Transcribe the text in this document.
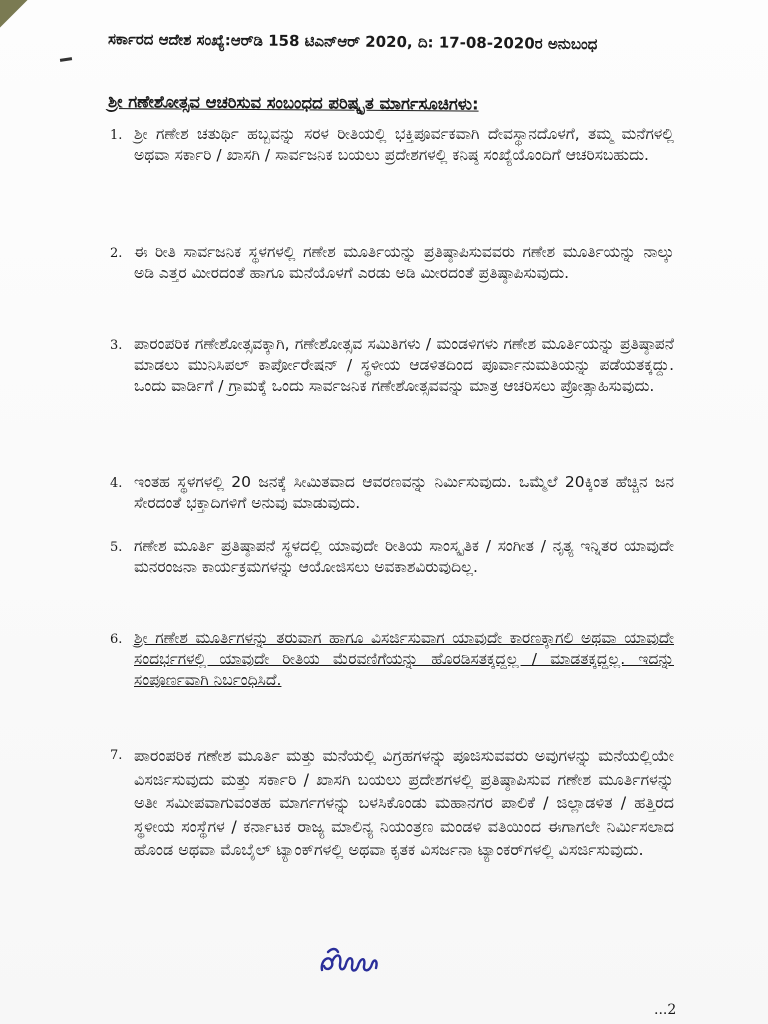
ಸರ್ಕಾರದ ಆದೇಶ ಸಂಖ್ಯೆ:ಆರ್‌ಡಿ 158 ಟಿಎನ್‌ಆರ್ 2020, ದಿ: 17-08-2020ರ ಅನುಬಂಧ
ಶ್ರೀ ಗಣೇಶೋತ್ಸವ ಆಚರಿಸುವ ಸಂಬಂಧದ ಪರಿಷ್ಕೃತ ಮಾರ್ಗಸೂಚಿಗಳು:
1. ಶ್ರೀ ಗಣೇಶ ಚತುರ್ಥಿ ಹಬ್ಬವನ್ನು ಸರಳ ರೀತಿಯಲ್ಲಿ ಭಕ್ತಿಪೂರ್ವಕವಾಗಿ ದೇವಸ್ಥಾನದೊಳಗೆ, ತಮ್ಮ ಮನೆಗಳಲ್ಲಿ ಅಥವಾ ಸರ್ಕಾರಿ / ಖಾಸಗಿ / ಸಾರ್ವಜನಿಕ ಬಯಲು ಪ್ರದೇಶಗಳಲ್ಲಿ ಕನಿಷ್ಠ ಸಂಖ್ಯೆಯೊಂದಿಗೆ ಆಚರಿಸಬಹುದು.
2. ಈ ರೀತಿ ಸಾರ್ವಜನಿಕ ಸ್ಥಳಗಳಲ್ಲಿ ಗಣೇಶ ಮೂರ್ತಿಯನ್ನು ಪ್ರತಿಷ್ಠಾಪಿಸುವವರು ಗಣೇಶ ಮೂರ್ತಿಯನ್ನು ನಾಲ್ಕು ಅಡಿ ಎತ್ತರ ಮೀರದಂತೆ ಹಾಗೂ ಮನೆಯೊಳಗೆ ಎರಡು ಅಡಿ ಮೀರದಂತೆ ಪ್ರತಿಷ್ಠಾಪಿಸುವುದು.
3. ಪಾರಂಪರಿಕ ಗಣೇಶೋತ್ಸವಕ್ಕಾಗಿ, ಗಣೇಶೋತ್ಸವ ಸಮಿತಿಗಳು / ಮಂಡಳಿಗಳು ಗಣೇಶ ಮೂರ್ತಿಯನ್ನು ಪ್ರತಿಷ್ಠಾಪನೆ ಮಾಡಲು ಮುನಿಸಿಪಲ್ ಕಾರ್ಪೋರೇಷನ್ / ಸ್ಥಳೀಯ ಆಡಳಿತದಿಂದ ಪೂರ್ವಾನುಮತಿಯನ್ನು ಪಡೆಯತಕ್ಕದ್ದು. ಒಂದು ವಾರ್ಡಿಗೆ / ಗ್ರಾಮಕ್ಕೆ ಒಂದು ಸಾರ್ವಜನಿಕ ಗಣೇಶೋತ್ಸವವನ್ನು ಮಾತ್ರ ಆಚರಿಸಲು ಪ್ರೋತ್ಸಾಹಿಸುವುದು.
4. ಇಂತಹ ಸ್ಥಳಗಳಲ್ಲಿ 20 ಜನಕ್ಕೆ ಸೀಮಿತವಾದ ಆವರಣವನ್ನು ನಿರ್ಮಿಸುವುದು. ಒಮ್ಮೆಲೆ 20ಕ್ಕಿಂತ ಹೆಚ್ಚಿನ ಜನ ಸೇರದಂತೆ ಭಕ್ತಾದಿಗಳಿಗೆ ಅನುವು ಮಾಡುವುದು.
5. ಗಣೇಶ ಮೂರ್ತಿ ಪ್ರತಿಷ್ಠಾಪನೆ ಸ್ಥಳದಲ್ಲಿ ಯಾವುದೇ ರೀತಿಯ ಸಾಂಸ್ಕೃತಿಕ / ಸಂಗೀತ / ನೃತ್ಯ ಇನ್ನಿತರ ಯಾವುದೇ ಮನರಂಜನಾ ಕಾರ್ಯಕ್ರಮಗಳನ್ನು ಆಯೋಜಿಸಲು ಅವಕಾಶವಿರುವುದಿಲ್ಲ.
6. ಶ್ರೀ ಗಣೇಶ ಮೂರ್ತಿಗಳನ್ನು ತರುವಾಗ ಹಾಗೂ ವಿಸರ್ಜಿಸುವಾಗ ಯಾವುದೇ ಕಾರಣಕ್ಕಾಗಲಿ ಅಥವಾ ಯಾವುದೇ ಸಂದರ್ಭಗಳಲ್ಲಿ ಯಾವುದೇ ರೀತಿಯ ಮೆರವಣಿಗೆಯನ್ನು ಹೊರಡಿಸತಕ್ಕದ್ದಲ್ಲ / ಮಾಡತಕ್ಕದ್ದಲ್ಲ. ಇದನ್ನು ಸಂಪೂರ್ಣವಾಗಿ ನಿರ್ಬಂಧಿಸಿದೆ.
7. ಪಾರಂಪರಿಕ ಗಣೇಶ ಮೂರ್ತಿ ಮತ್ತು ಮನೆಯಲ್ಲಿ ವಿಗ್ರಹಗಳನ್ನು ಪೂಜಿಸುವವರು ಅವುಗಳನ್ನು ಮನೆಯಲ್ಲಿಯೇ ವಿಸರ್ಜಿಸುವುದು ಮತ್ತು ಸರ್ಕಾರಿ / ಖಾಸಗಿ ಬಯಲು ಪ್ರದೇಶಗಳಲ್ಲಿ ಪ್ರತಿಷ್ಠಾಪಿಸುವ ಗಣೇಶ ಮೂರ್ತಿಗಳನ್ನು ಅತೀ ಸಮೀಪವಾಗುವಂತಹ ಮಾರ್ಗಗಳನ್ನು ಬಳಸಿಕೊಂಡು ಮಹಾನಗರ ಪಾಲಿಕೆ / ಜಿಲ್ಲಾಡಳಿತ / ಹತ್ತಿರದ ಸ್ಥಳೀಯ ಸಂಸ್ಥೆಗಳ / ಕರ್ನಾಟಕ ರಾಜ್ಯ ಮಾಲಿನ್ಯ ನಿಯಂತ್ರಣ ಮಂಡಳಿ ವತಿಯಿಂದ ಈಗಾಗಲೇ ನಿರ್ಮಿಸಲಾದ ಹೊಂಡ ಅಥವಾ ಮೊಬೈಲ್ ಟ್ಯಾಂಕ್‌ಗಳಲ್ಲಿ ಅಥವಾ ಕೃತಕ ವಿಸರ್ಜನಾ ಟ್ಯಾಂಕರ್‌ಗಳಲ್ಲಿ ವಿಸರ್ಜಿಸುವುದು.
...2
